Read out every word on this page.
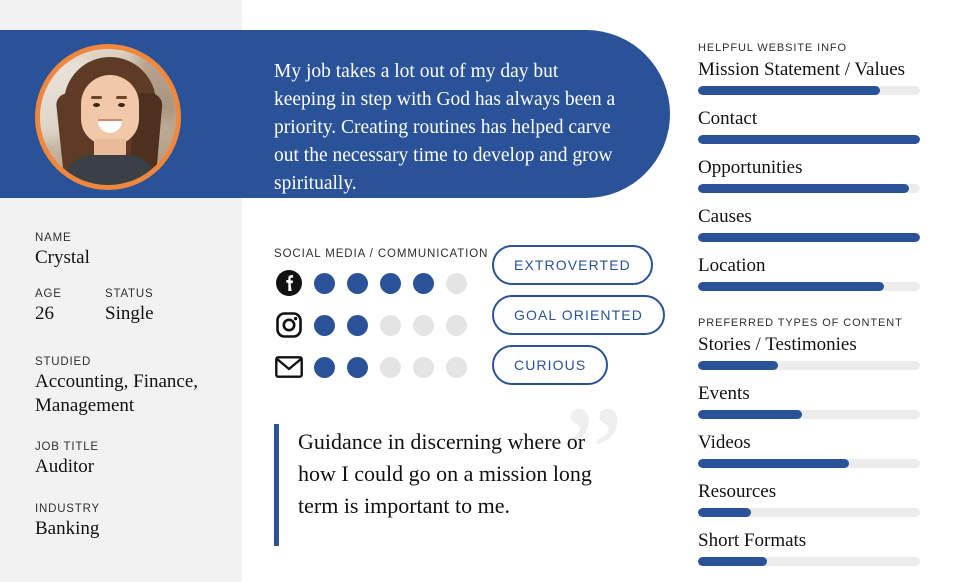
My job takes a lot out of my day but keeping in step with God has always been a priority. Creating routines has helped carve out the necessary time to develop and grow spiritually.
NAME
Crystal
AGE
26
STATUS
Single
STUDIED
Accounting, Finance, Management
JOB TITLE
Auditor
INDUSTRY
Banking
SOCIAL MEDIA / COMMUNICATION
EXTROVERTED
GOAL ORIENTED
CURIOUS
”
Guidance in discerning where or how I could go on a mission long term is important to me.
HELPFUL WEBSITE INFO
Mission Statement / Values
Contact
Opportunities
Causes
Location
PREFERRED TYPES OF CONTENT
Stories / Testimonies
Events
Videos
Resources
Short Formats
